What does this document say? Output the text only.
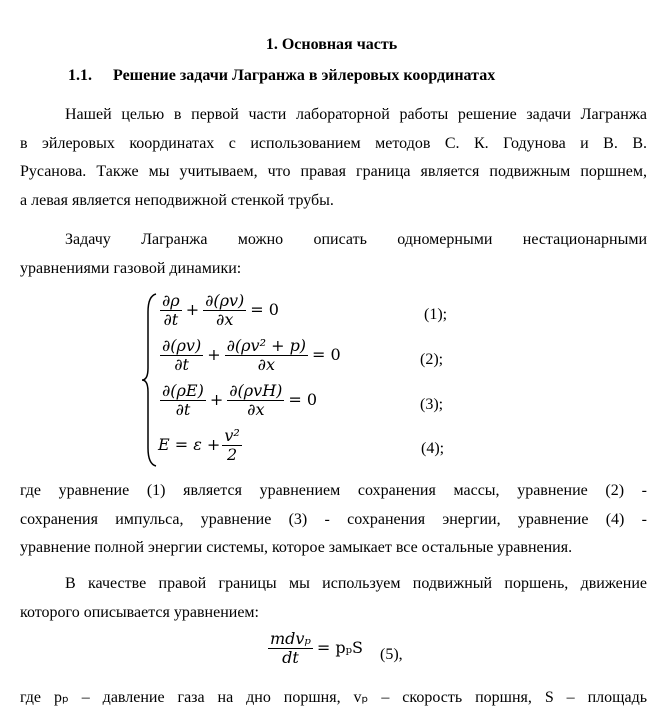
1. Основная часть
1.1. Решение задачи Лагранжа в эйлеровых координатах
Нашей целью в первой части лабораторной работы решение задачи Лагранжа
в эйлеровых координатах с использованием методов С. К. Годунова и В. В.
Русанова. Также мы учитываем, что правая граница является подвижным поршнем,
а левая является неподвижной стенкой трубы.
Задачу Лагранжа можно описать одномерными нестационарными
уравнениями газовой динамики:
$\frac{\partial\rho}{\partial t} + \frac{\partial(\rho v)}{\partial x} = 0$	(1);
$\frac{\partial(\rho v)}{\partial t} + \frac{\text{∂(ρv² + p)}}{\partial x} = 0$	(2);
$\frac{\partial(\rho E)}{\partial t} + \frac{\text{∂(ρvH)}}{\partial x} = 0$	(3);
$E = \varepsilon + \frac{\text{v²}}{2}$	(4);
где уравнение (1) является уравнением сохранения массы, уравнение (2) -
сохранения импульса, уравнение (3) - сохранения энергии, уравнение (4) -
уравнение полной энергии системы, которое замыкает все остальные уравнения.
В качестве правой границы мы используем подвижный поршень, движение
которого описывается уравнением:
$\frac{\text{mdvₚ}}{dt} = p_pS$ (5),
где pₚ – давление газа на дно поршня, vₚ – скорость поршня, S – площадь
